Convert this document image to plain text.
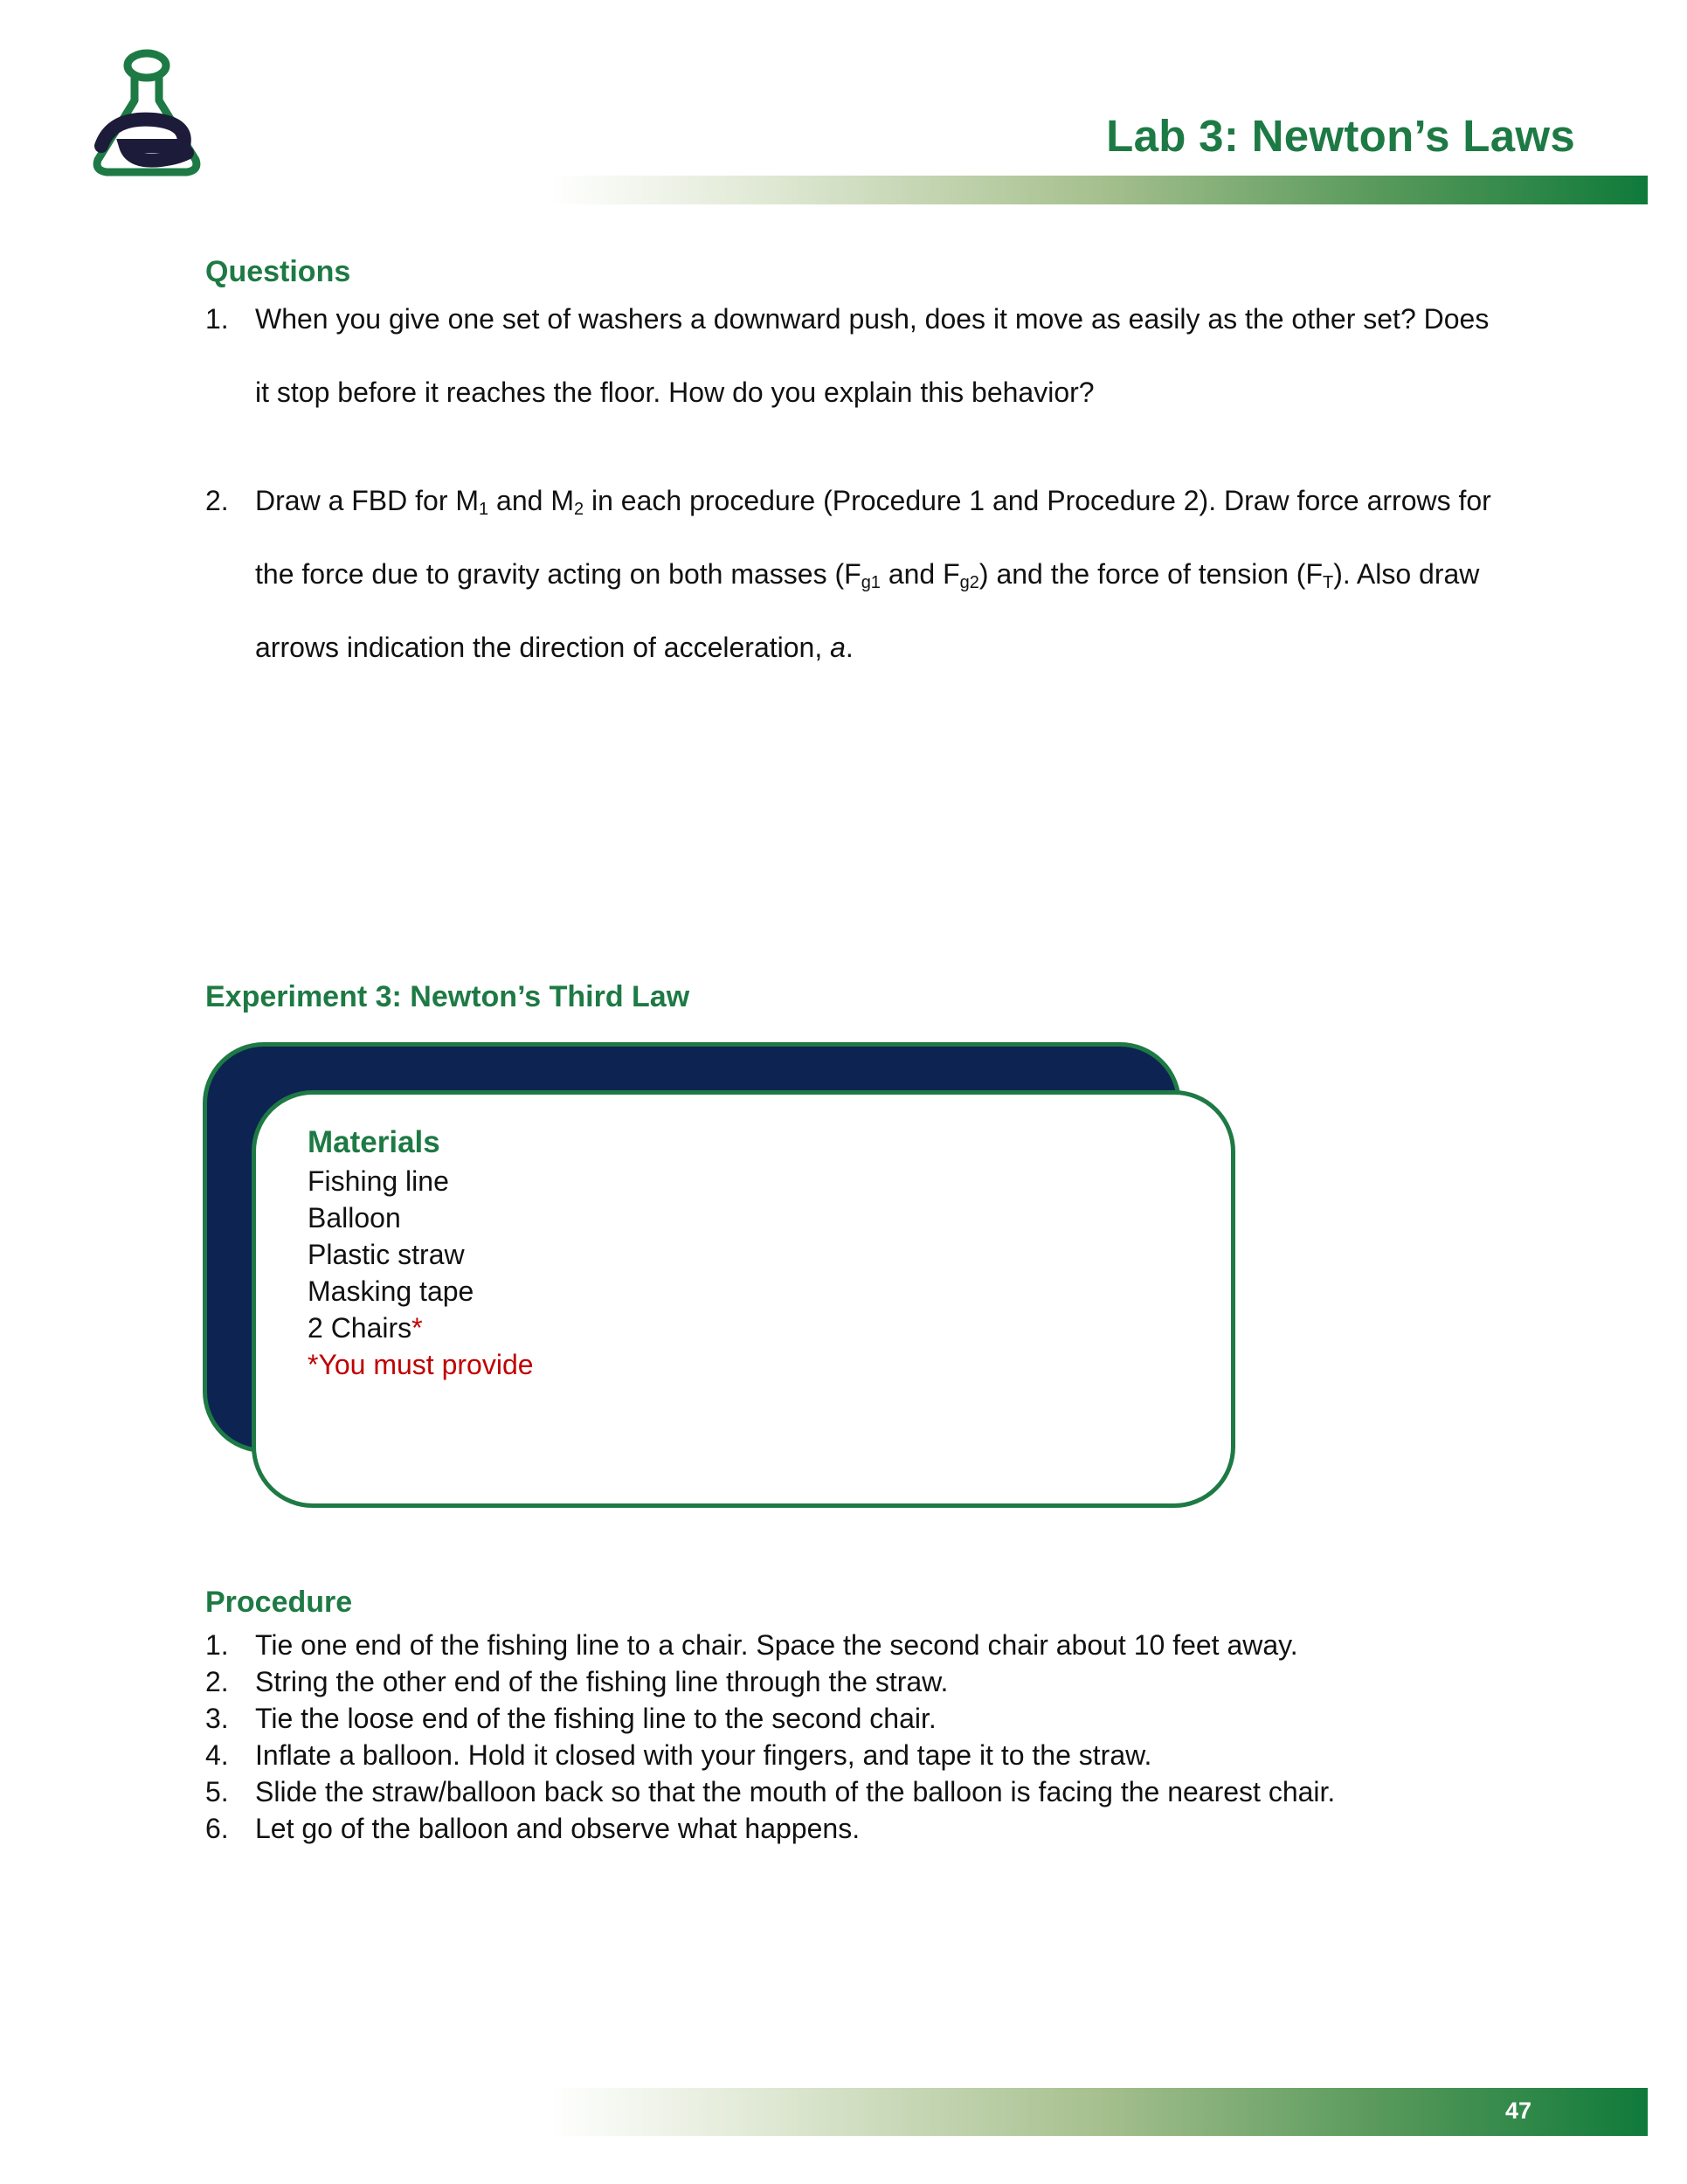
e	Lab 3: Newton’s Laws
Questions
1. When you give one set of washers a downward push, does it move as easily as the other set? Does
it stop before it reaches the floor. How do you explain this behavior?
2. Draw a FBD for $M_1$ and $M_2$ in each procedure (Procedure 1 and Procedure 2). Draw force arrows for
the force due to gravity acting on both masses ($F_{g1}$ and $F_{g2}$) and the force of tension $(F_T)$. Also draw
arrows indication the direction of acceleration, a.
Experiment 3: Newton’s Third Law
Materials
Fishing line
Balloon
Plastic straw
Masking tape
2 Chairs*
*You must provide
Procedure
1. Tie one end of the fishing line to a chair. Space the second chair about 10 feet away.
2. String the other end of the fishing line through the straw.
3. Tie the loose end of the fishing line to the second chair.
4. Inflate a balloon. Hold it closed with your fingers, and tape it to the straw.
5. Slide the straw/balloon back so that the mouth of the balloon is facing the nearest chair.
6. Let go of the balloon and observe what happens.
47
